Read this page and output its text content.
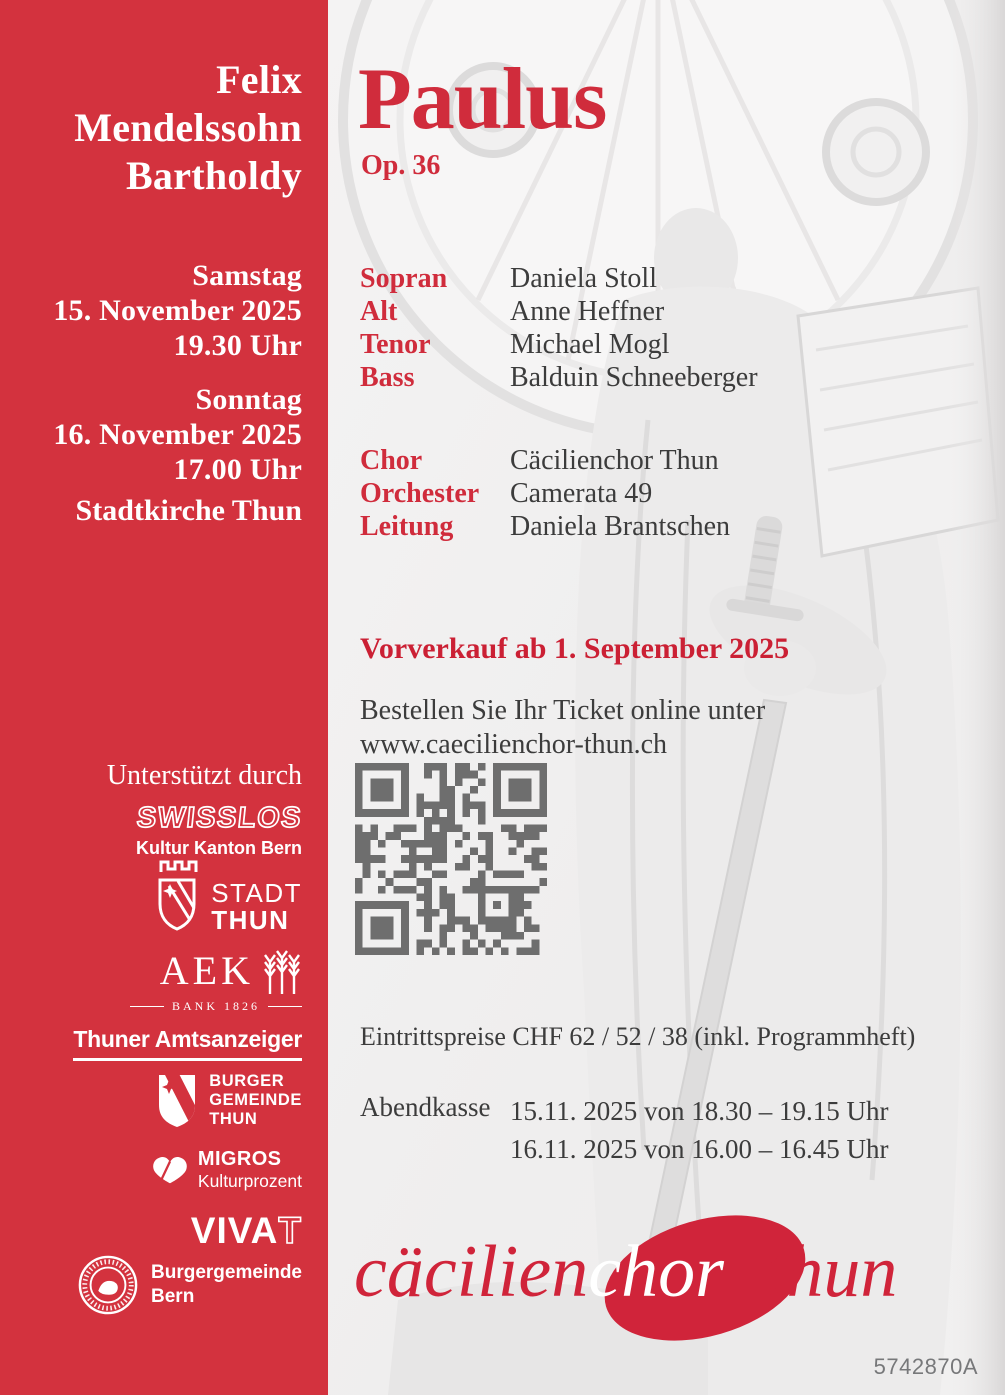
Felix
Mendelssohn
Bartholdy
Samstag
15. November 2025
19.30 Uhr
Sonntag
16. November 2025
17.00 Uhr
Stadtkirche Thun
Unterstützt durch
SWISSLOS
Kultur Kanton Bern
STADT
THUN
AEK
BANK 1826
Thuner Amtsanzeiger
BURGER
GEMEINDE
THUN
MIGROS
Kulturprozent
VIVA T
Burgergemeinde
Bern
Paulus
Op. 36
Sopran	Daniela Stoll
Alt	Anne Heffner
Tenor	Michael Mogl
Bass	Balduin Schneeberger
Chor	Cäcilienchor Thun
Orchester	Camerata 49
Leitung	Daniela Brantschen
Vorverkauf ab 1. September 2025
Bestellen Sie Ihr Ticket online unter
www.caecilienchor-thun.ch
Eintrittspreise CHF 62 / 52 / 38 (inkl. Programmheft)
Abendkasse 15.11. 2025 von 18.30 – 19.15 Uhr
16.11. 2025 von 16.00 – 16.45 Uhr
cäcilienchor thun
5742870A
